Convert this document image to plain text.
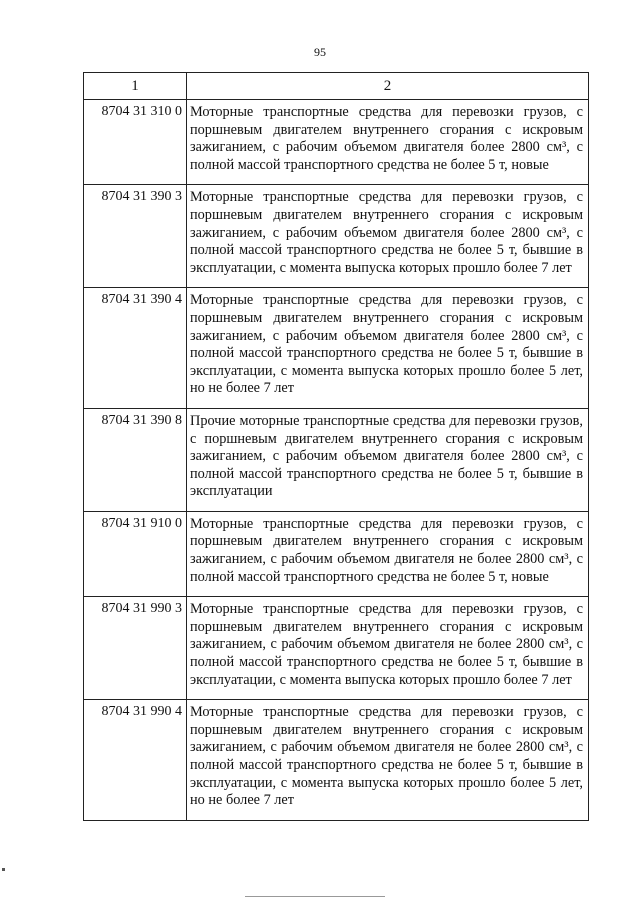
95
1	2
8704 31 310 0	Моторные транспортные средства для перевозки грузов, с поршневым двигателем внутреннего сгорания с искровым зажиганием, с рабочим объемом двигателя более 2800 см³, с полной массой транспортного средства не более 5 т, новые
8704 31 390 3	Моторные транспортные средства для перевозки грузов, с поршневым двигателем внутреннего сгорания с искровым зажиганием, с рабочим объемом двигателя более 2800 см³, с полной массой транспортного средства не более 5 т, бывшие в эксплуатации, с момента выпуска которых прошло более 7 лет
8704 31 390 4	Моторные транспортные средства для перевозки грузов, с поршневым двигателем внутреннего сгорания с искровым зажиганием, с рабочим объемом двигателя более 2800 см³, с полной массой транспортного средства не более 5 т, бывшие в эксплуатации, с момента выпуска которых прошло более 5 лет, но не более 7 лет
8704 31 390 8	Прочие моторные транспортные средства для перевозки грузов, с поршневым двигателем внутреннего сгорания с искровым зажиганием, с рабочим объемом двигателя более 2800 см³, с полной массой транспортного средства не более 5 т, бывшие в эксплуатации
8704 31 910 0	Моторные транспортные средства для перевозки грузов, с поршневым двигателем внутреннего сгорания с искровым зажиганием, с рабочим объемом двигателя не более 2800 см³, с полной массой транспортного средства не более 5 т, новые
8704 31 990 3	Моторные транспортные средства для перевозки грузов, с поршневым двигателем внутреннего сгорания с искровым зажиганием, с рабочим объемом двигателя не более 2800 см³, с полной массой транспортного средства не более 5 т, бывшие в эксплуатации, с момента выпуска которых прошло более 7 лет
8704 31 990 4	Моторные транспортные средства для перевозки грузов, с поршневым двигателем внутреннего сгорания с искровым зажиганием, с рабочим объемом двигателя не более 2800 см³, с полной массой транспортного средства не более 5 т, бывшие в эксплуатации, с момента выпуска которых прошло более 5 лет, но не более 7 лет
